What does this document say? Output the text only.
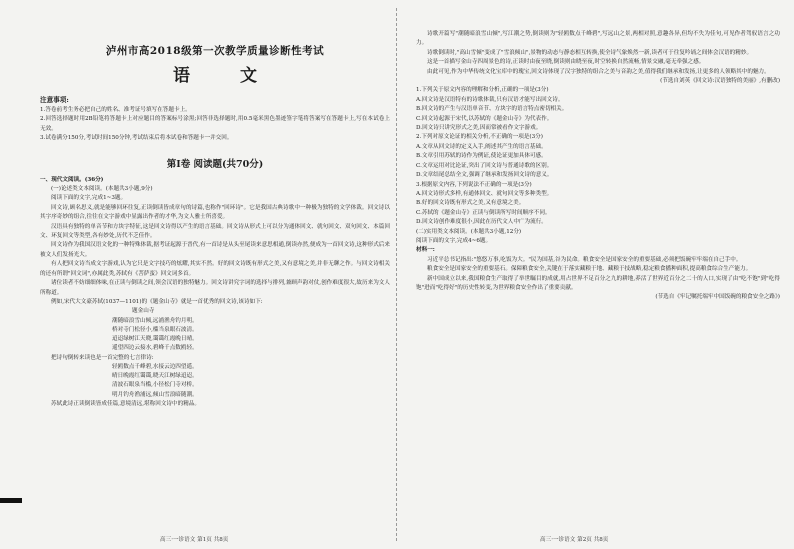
泸州市高2018级第一次教学质量诊断性考试
语 文
注意事项:

1.答卷前考生务必把自己的姓名、准考证号填写在答题卡上。

2.回答选择题时用2B铅笔将答题卡上对应题目的答案标号涂黑;回答非选择题时,用0.5毫米黑色墨迹签字笔将答案写在答题卡上,写在本试卷上无效。

3.试卷满分150分,考试时间150分钟,考试结束后将本试卷和答题卡一并交回。

第Ⅰ卷 阅读题(共70分)
一、现代文阅读。(36分)

(一)论述类文本阅读。(本题共3小题,9分)

阅读下面的文字,完成1~3题。

回文诗,顾名思义,就是能够回环往复,正读倒读皆成章句的诗篇,也称作"回环诗"。它是我国古典诗歌中一种极为独特的文学体裁。回文诗以其字序奇妙的组合,往往在文字游戏中显露出作者的才华,为文人雅士所喜爱。

汉语具有独特的单音节和方块字特征,这是回文诗得以产生的语言基础。回文诗从形式上可以分为通体回文、就句回文、双句回文、本篇回文、环复回文等类型,各有妙处,历代不乏佳作。

回文诗作为我国汉语文化的一种特殊体裁,据考证起源于晋代,有一首诗是从头至尾读来意思相通,倒读亦然,便成为一首回文诗,这种形式后来被文人们发扬光大。

有人把回文诗当成文字游戏,认为它只是文字技巧的炫耀,其实不然。好的回文诗既有形式之美,又有意境之美,并非无聊之作。与回文诗相关的还有所谓"回文词",亦属此类,苏轼有《菩萨蛮》回文词多首。

诸位读者不妨细细体味,在正读与倒读之间,领会汉语的独特魅力。回文诗讲究字词的选择与排列,兼顾声韵对仗,创作难度很大,故历来为文人所称道。

例如,宋代大文豪苏轼(1037—1101)的《题金山寺》就是一首优秀的回文诗,该诗如下:

题金山寺
潮随暗浪雪山倾,远浦渔舟钓月明。
桥对寺门松径小,槛当泉眼石波清。
迢迢绿树江天晓,霭霭红霞晚日晴。
遥望四边云接水,碧峰千点数鸥轻。

把诗句倒转来读也是一首完整的七言律诗:

轻鸥数点千峰碧,水接云边四望遥。
晴日晚霞红霭霭,晓天江树绿迢迢。
清波石眼泉当槛,小径松门寺对桥。
明月钓舟渔浦远,倾山雪浪暗随潮。

苏轼此诗正读倒读皆成佳篇,意境清远,堪称回文诗中的精品。

诗歌开篇写"潮随暗浪雪山倾",写江潮之势,倒读则为"轻鸥数点千峰碧",写远山之景,两相对照,意趣各异,但均不失为佳句,可见作者驾驭语言之功力。

诗歌倒读时,"高山雪倾"变成了"雪浪倾山",景物的动态与静态相互转换,使全诗气象焕然一新,读者可于往复吟诵之间体会汉语的精妙。

这是一首描写金山寺四周景色的诗,正读时由夜至晓,倒读则由晓至夜,时空转换自然流畅,情景交融,毫无牵强之感。

由此可见,作为中华传统文化宝库中的瑰宝,回文诗体现了汉字独特的组合之美与音韵之美,值得我们继承和发扬,让更多的人领略其中的魅力。

(节选自刘英《回文诗:汉语独特的美丽》,有删改)

1.下列关于原文内容的理解和分析,正确的一项是(3分)

A.回文诗是汉语特有的诗歌体裁,只有汉语才能写出回文诗。

B.回文诗的产生与汉语单音节、方块字的语言特点密切相关。

C.回文诗起源于宋代,以苏轼的《题金山寺》为代表作。

D.回文诗只讲究形式之美,因而常被看作文字游戏。

2.下列对原文论证的相关分析,不正确的一项是(3分)

A.文章从回文诗的定义入手,阐述其产生的语言基础。

B.文章引用苏轼的诗作为例证,使论证更加具体可感。

C.文章运用对比论证,突出了回文诗与普通诗歌的区别。

D.文章结尾总结全文,强调了继承和发扬回文诗的意义。

3.根据原文内容,下列说法不正确的一项是(3分)

A.回文诗形式多样,有通体回文、就句回文等多种类型。

B.好的回文诗既有形式之美,又有意境之美。

C.苏轼的《题金山寺》正读与倒读所写时间顺序不同。

D.回文诗创作难度很小,因此在历代文人中广为流行。

(二)实用类文本阅读。(本题共3小题,12分)

阅读下面的文字,完成4~6题。

材料一:

习近平总书记指出:"悠悠万事,吃饭为大。"民为国基,谷为民命。粮食安全是国家安全的重要基础,必须把饭碗牢牢端在自己手中。

粮食安全是国家安全的重要基石。保障粮食安全,关键在于落实藏粮于地、藏粮于技战略,稳定粮食播种面积,提高粮食综合生产能力。

新中国成立以来,我国粮食生产取得了举世瞩目的成就,用占世界不足百分之九的耕地,养活了世界近百分之二十的人口,实现了由"吃不饱"到"吃得饱"进而"吃得好"的历史性转变,为世界粮食安全作出了重要贡献。

(节选自《牢记嘱托端牢中国饭碗的粮食安全之路》)
高三·一诊语文 第1页 共8页	高三·一诊语文 第2页 共8页
